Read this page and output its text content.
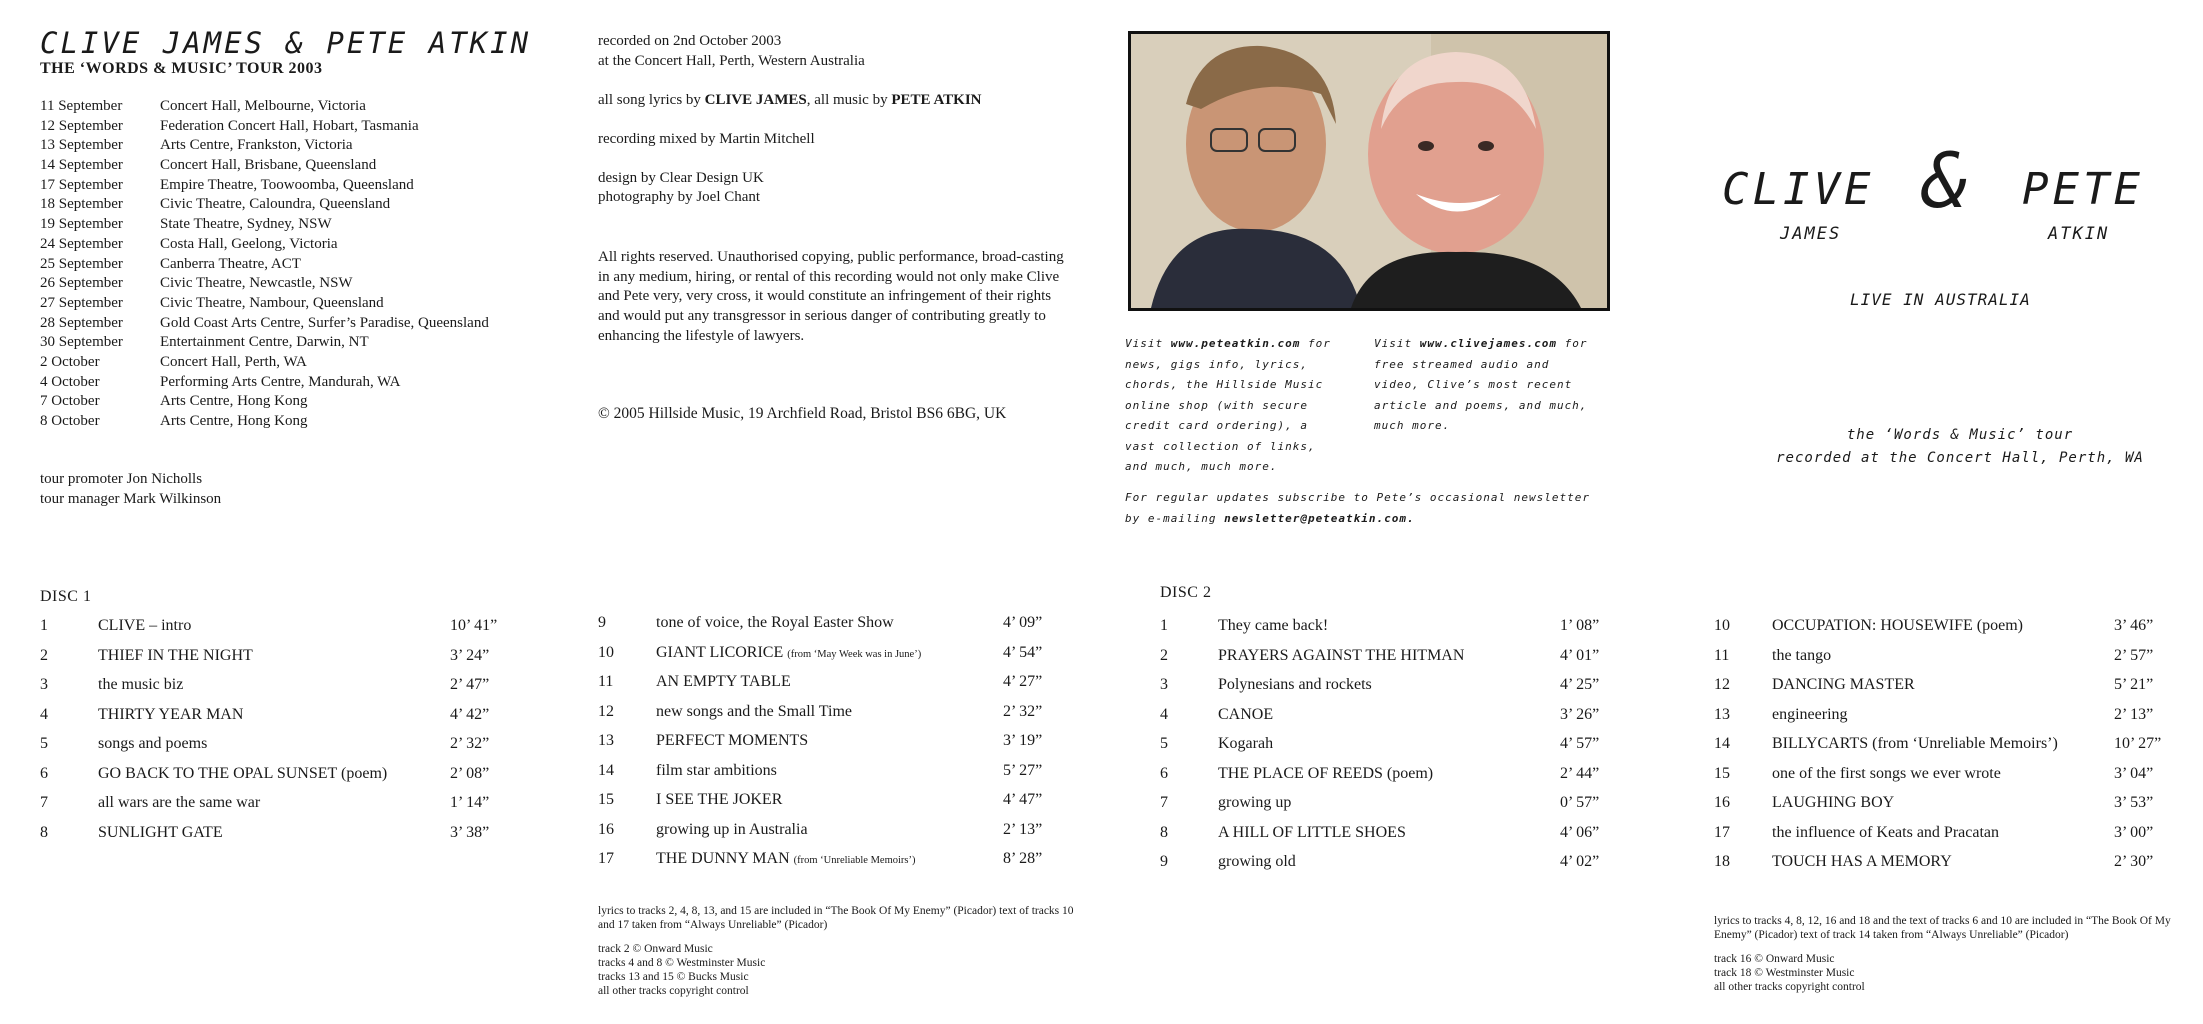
CLIVE JAMES & PETE ATKIN
THE ‘WORDS & MUSIC’ TOUR 2003
11 September	Concert Hall, Melbourne, Victoria
12 September	Federation Concert Hall, Hobart, Tasmania
13 September	Arts Centre, Frankston, Victoria
14 September	Concert Hall, Brisbane, Queensland
17 September	Empire Theatre, Toowoomba, Queensland
18 September	Civic Theatre, Caloundra, Queensland
19 September	State Theatre, Sydney, NSW
24 September	Costa Hall, Geelong, Victoria
25 September	Canberra Theatre, ACT
26 September	Civic Theatre, Newcastle, NSW
27 September	Civic Theatre, Nambour, Queensland
28 September	Gold Coast Arts Centre, Surfer’s Paradise, Queensland
30 September	Entertainment Centre, Darwin, NT
2 October	Concert Hall, Perth, WA
4 October	Performing Arts Centre, Mandurah, WA
7 October	Arts Centre, Hong Kong
8 October	Arts Centre, Hong Kong
tour promoter Jon Nicholls
tour manager Mark Wilkinson

recorded on 2nd October 2003
at the Concert Hall, Perth, Western Australia

all song lyrics by CLIVE JAMES, all music by PETE ATKIN

recording mixed by Martin Mitchell

design by Clear Design UK
photography by Joel Chant

All rights reserved. Unauthorised copying, public performance, broad-casting in any medium, hiring, or rental of this recording would not only make Clive and Pete very, very cross, it would constitute an infringement of their rights and would put any transgressor in serious danger of contributing greatly to enhancing the lifestyle of lawyers.
© 2005 Hillside Music, 19 Archfield Road, Bristol BS6 6BG, UK
Visit www.peteatkin.com for news, gigs info, lyrics, chords, the Hillside Music online shop (with secure credit card ordering), a vast collection of links, and much, much more.
Visit www.clivejames.com for free streamed audio and video, Clive’s most recent article and poems, and much, much more.
For regular updates subscribe to Pete’s occasional newsletter by e-mailing newsletter@peteatkin.com.
CLIVE & PETE
JAMES	ATKIN
LIVE IN AUSTRALIA
the ‘Words & Music’ tour
recorded at the Concert Hall, Perth, WA
DISC 1
1	CLIVE – intro	10’ 41”
2	THIEF IN THE NIGHT	3’ 24”
3	the music biz	2’ 47”
4	THIRTY YEAR MAN	4’ 42”
5	songs and poems	2’ 32”
6	GO BACK TO THE OPAL SUNSET (poem)	2’ 08”
7	all wars are the same war	1’ 14”
8	SUNLIGHT GATE	3’ 38”
9	tone of voice, the Royal Easter Show	4’ 09”
10	GIANT LICORICE (from ‘May Week was in June’)	4’ 54”
11	AN EMPTY TABLE	4’ 27”
12	new songs and the Small Time	2’ 32”
13	PERFECT MOMENTS	3’ 19”
14	film star ambitions	5’ 27”
15	I SEE THE JOKER	4’ 47”
16	growing up in Australia	2’ 13”
17	THE DUNNY MAN (from ‘Unreliable Memoirs’)	8’ 28”
lyrics to tracks 2, 4, 8, 13, and 15 are included in “The Book Of My Enemy” (Picador) text of tracks 10 and 17 taken from “Always Unreliable” (Picador)
track 2 © Onward Music
tracks 4 and 8 © Westminster Music
tracks 13 and 15 © Bucks Music
all other tracks copyright control
DISC 2
1	They came back!	1’ 08”
2	PRAYERS AGAINST THE HITMAN	4’ 01”
3	Polynesians and rockets	4’ 25”
4	CANOE	3’ 26”
5	Kogarah	4’ 57”
6	THE PLACE OF REEDS (poem)	2’ 44”
7	growing up	0’ 57”
8	A HILL OF LITTLE SHOES	4’ 06”
9	growing old	4’ 02”
10	OCCUPATION: HOUSEWIFE (poem)	3’ 46”
11	the tango	2’ 57”
12	DANCING MASTER	5’ 21”
13	engineering	2’ 13”
14	BILLYCARTS (from ‘Unreliable Memoirs’)	10’ 27”
15	one of the first songs we ever wrote	3’ 04”
16	LAUGHING BOY	3’ 53”
17	the influence of Keats and Pracatan	3’ 00”
18	TOUCH HAS A MEMORY	2’ 30”
lyrics to tracks 4, 8, 12, 16 and 18 and the text of tracks 6 and 10 are included in “The Book Of My Enemy” (Picador) text of track 14 taken from “Always Unreliable” (Picador)
track 16 © Onward Music
track 18 © Westminster Music
all other tracks copyright control
